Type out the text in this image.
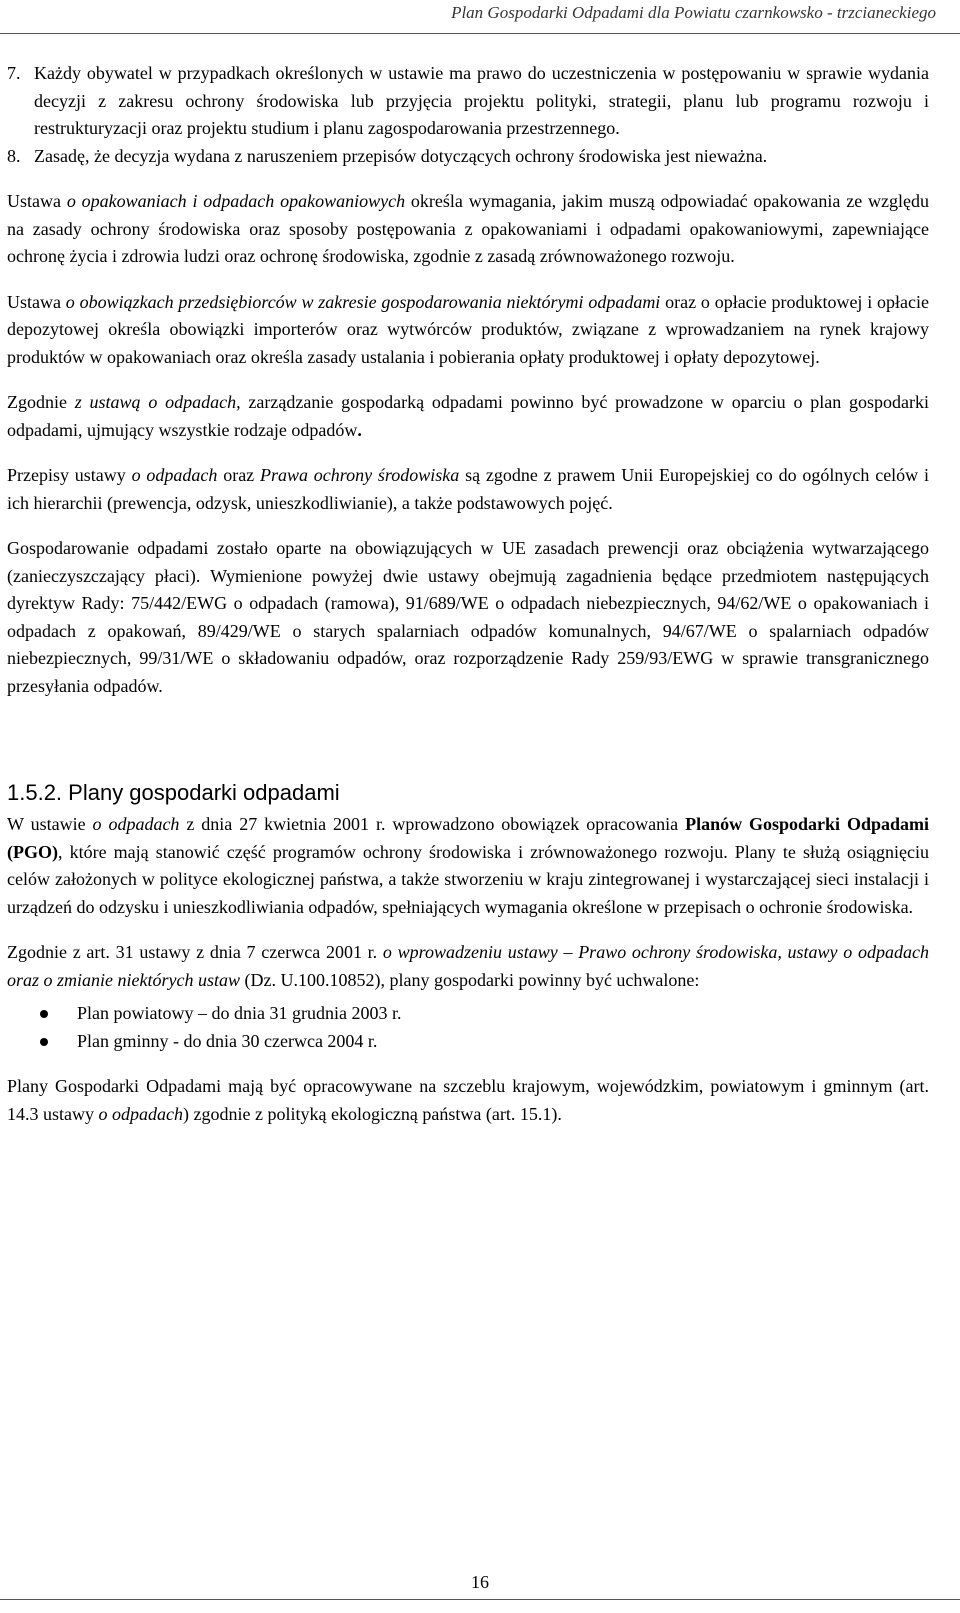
Plan Gospodarki Odpadami dla Powiatu czarnkowsko - trzcianeckiego
7. Każdy obywatel w przypadkach określonych w ustawie ma prawo do uczestniczenia w postępowaniu w sprawie wydania decyzji z zakresu ochrony środowiska lub przyjęcia projektu polityki, strategii, planu lub programu rozwoju i restrukturyzacji oraz projektu studium i planu zagospodarowania przestrzennego.
8. Zasadę, że decyzja wydana z naruszeniem przepisów dotyczących ochrony środowiska jest nieważna.

Ustawa o opakowaniach i odpadach opakowaniowych określa wymagania, jakim muszą odpowiadać opakowania ze względu na zasady ochrony środowiska oraz sposoby postępowania z opakowaniami i odpadami opakowaniowymi, zapewniające ochronę życia i zdrowia ludzi oraz ochronę środowiska, zgodnie z zasadą zrównoważonego rozwoju.

Ustawa o obowiązkach przedsiębiorców w zakresie gospodarowania niektórymi odpadami oraz o opłacie produktowej i opłacie depozytowej określa obowiązki importerów oraz wytwórców produktów, związane z wprowadzaniem na rynek krajowy produktów w opakowaniach oraz określa zasady ustalania i pobierania opłaty produktowej i opłaty depozytowej.

Zgodnie z ustawą o odpadach, zarządzanie gospodarką odpadami powinno być prowadzone w oparciu o plan gospodarki odpadami, ujmujący wszystkie rodzaje odpadów.

Przepisy ustawy o odpadach oraz Prawa ochrony środowiska są zgodne z prawem Unii Europejskiej co do ogólnych celów i ich hierarchii (prewencja, odzysk, unieszkodliwianie), a także podstawowych pojęć.

Gospodarowanie odpadami zostało oparte na obowiązujących w UE zasadach prewencji oraz obciążenia wytwarzającego (zanieczyszczający płaci). Wymienione powyżej dwie ustawy obejmują zagadnienia będące przedmiotem następujących dyrektyw Rady: 75/442/EWG o odpadach (ramowa), 91/689/WE o odpadach niebezpiecznych, 94/62/WE o opakowaniach i odpadach z opakowań, 89/429/WE o starych spalarniach odpadów komunalnych, 94/67/WE o spalarniach odpadów niebezpiecznych, 99/31/WE o składowaniu odpadów, oraz rozporządzenie Rady 259/93/EWG w sprawie transgranicznego przesyłania odpadów.

1.5.2. Plany gospodarki odpadami

W ustawie o odpadach z dnia 27 kwietnia 2001 r. wprowadzono obowiązek opracowania Planów Gospodarki Odpadami (PGO), które mają stanowić część programów ochrony środowiska i zrównoważonego rozwoju. Plany te służą osiągnięciu celów założonych w polityce ekologicznej państwa, a także stworzeniu w kraju zintegrowanej i wystarczającej sieci instalacji i urządzeń do odzysku i unieszkodliwiania odpadów, spełniających wymagania określone w przepisach o ochronie środowiska.

Zgodnie z art. 31 ustawy z dnia 7 czerwca 2001 r. o wprowadzeniu ustawy – Prawo ochrony środowiska, ustawy o odpadach oraz o zmianie niektórych ustaw (Dz. U.100.10852), plany gospodarki powinny być uchwalone:

Plan powiatowy – do dnia 31 grudnia 2003 r.
Plan gminny - do dnia 30 czerwca 2004 r.

Plany Gospodarki Odpadami mają być opracowywane na szczeblu krajowym, wojewódzkim, powiatowym i gminnym (art. 14.3 ustawy o odpadach) zgodnie z polityką ekologiczną państwa (art. 15.1).

16
